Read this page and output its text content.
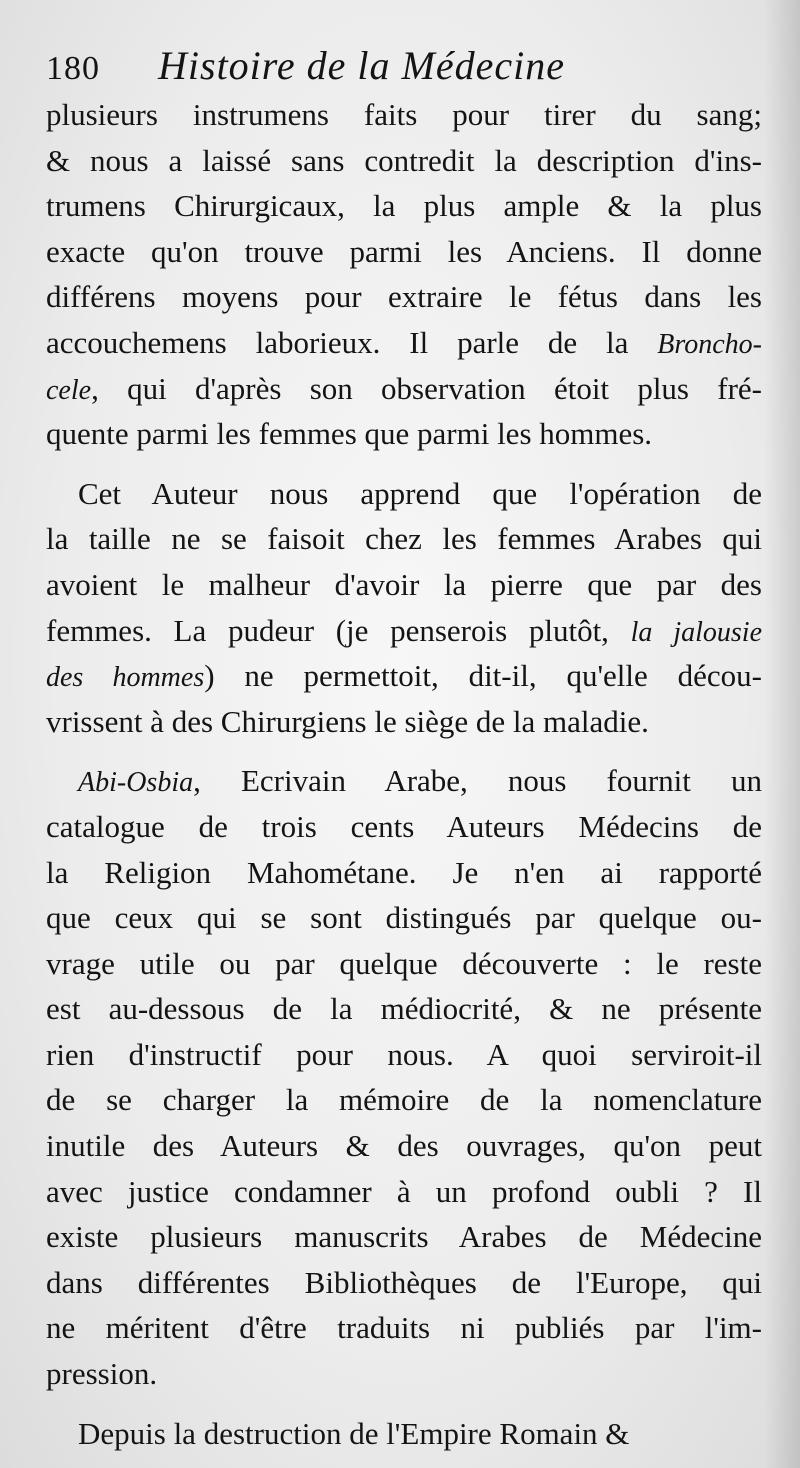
180	Histoire de la Médecine
plusieurs instrumens faits pour tirer du sang;
& nous a laissé sans contredit la description d'ins-
trumens Chirurgicaux, la plus ample & la plus
exacte qu'on trouve parmi les Anciens. Il donne
différens moyens pour extraire le fétus dans les
accouchemens laborieux. Il parle de la Broncho-
cele, qui d'après son observation étoit plus fré-
quente parmi les femmes que parmi les hommes.
Cet Auteur nous apprend que l'opération de
la taille ne se faisoit chez les femmes Arabes qui
avoient le malheur d'avoir la pierre que par des
femmes. La pudeur (je penserois plutôt, la jalousie
des hommes) ne permettoit, dit-il, qu'elle décou-
vrissent à des Chirurgiens le siège de la maladie.
Abi-Osbia, Ecrivain Arabe, nous fournit un
catalogue de trois cents Auteurs Médecins de
la Religion Mahométane. Je n'en ai rapporté
que ceux qui se sont distingués par quelque ou-
vrage utile ou par quelque découverte : le reste
est au-dessous de la médiocrité, & ne présente
rien d'instructif pour nous. A quoi serviroit-il
de se charger la mémoire de la nomenclature
inutile des Auteurs & des ouvrages, qu'on peut
avec justice condamner à un profond oubli ? Il
existe plusieurs manuscrits Arabes de Médecine
dans différentes Bibliothèques de l'Europe, qui
ne méritent d'être traduits ni publiés par l'im-
pression.
Depuis la destruction de l'Empire Romain &
